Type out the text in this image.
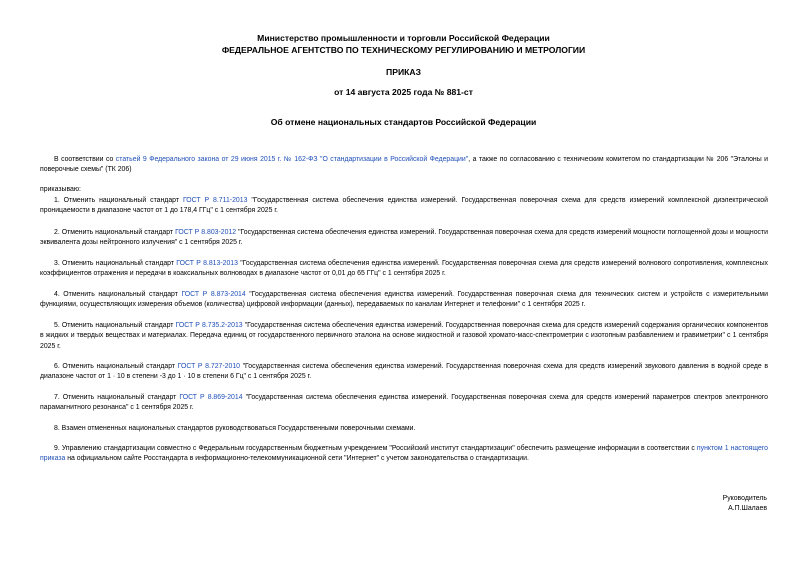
Министерство промышленности и торговли Российской Федерации
ФЕДЕРАЛЬНОЕ АГЕНТСТВО ПО ТЕХНИЧЕСКОМУ РЕГУЛИРОВАНИЮ И МЕТРОЛОГИИ
ПРИКАЗ
от 14 августа 2025 года № 881-ст
Об отмене национальных стандартов Российской Федерации
В соответствии со статьей 9 Федерального закона от 29 июня 2015 г. № 162-ФЗ "О стандартизации в Российской Федерации", а также по согласованию с техническим комитетом по стандартизации № 206 "Эталоны и поверочные схемы" (ТК 206)
приказываю:
1. Отменить национальный стандарт ГОСТ Р 8.711-2013 "Государственная система обеспечения единства измерений. Государственная поверочная схема для средств измерений комплексной диэлектрической проницаемости в диапазоне частот от 1 до 178,4 ГГц" с 1 сентября 2025 г.
2. Отменить национальный стандарт ГОСТ Р 8.803-2012 "Государственная система обеспечения единства измерений. Государственная поверочная схема для средств измерений мощности поглощенной дозы и мощности эквивалента дозы нейтронного излучения" с 1 сентября 2025 г.
3. Отменить национальный стандарт ГОСТ Р 8.813-2013 "Государственная система обеспечения единства измерений. Государственная поверочная схема для средств измерений волнового сопротивления, комплексных коэффициентов отражения и передачи в коаксиальных волноводах в диапазоне частот от 0,01 до 65 ГГц" с 1 сентября 2025 г.
4. Отменить национальный стандарт ГОСТ Р 8.873-2014 "Государственная система обеспечения единства измерений. Государственная поверочная схема для технических систем и устройств с измерительными функциями, осуществляющих измерения объемов (количества) цифровой информации (данных), передаваемых по каналам Интернет и телефонии" с 1 сентября 2025 г.
5. Отменить национальный стандарт ГОСТ Р 8.735.2-2013 "Государственная система обеспечения единства измерений. Государственная поверочная схема для средств измерений содержания органических компонентов в жидких и твердых веществах и материалах. Передача единиц от государственного первичного эталона на основе жидкостной и газовой хромато-масс-спектрометрии с изотопным разбавлением и гравиметрии" с 1 сентября 2025 г.
6. Отменить национальный стандарт ГОСТ Р 8.727-2010 "Государственная система обеспечения единства измерений. Государственная поверочная схема для средств измерений звукового давления в водной среде в диапазоне частот от 1 · 10 в степени -3 до 1 · 10 в степени 6 Гц" с 1 сентября 2025 г.
7. Отменить национальный стандарт ГОСТ Р 8.869-2014 "Государственная система обеспечения единства измерений. Государственная поверочная схема для средств измерений параметров спектров электронного парамагнитного резонанса" с 1 сентября 2025 г.
8. Взамен отмененных национальных стандартов руководствоваться Государственными поверочными схемами.
9. Управлению стандартизации совместно с Федеральным государственным бюджетным учреждением "Российский институт стандартизации" обеспечить размещение информации в соответствии с пунктом 1 настоящего приказа на официальном сайте Росстандарта в информационно-телекоммуникационной сети "Интернет" с учетом законодательства о стандартизации.
Руководитель
А.П.Шалаев
